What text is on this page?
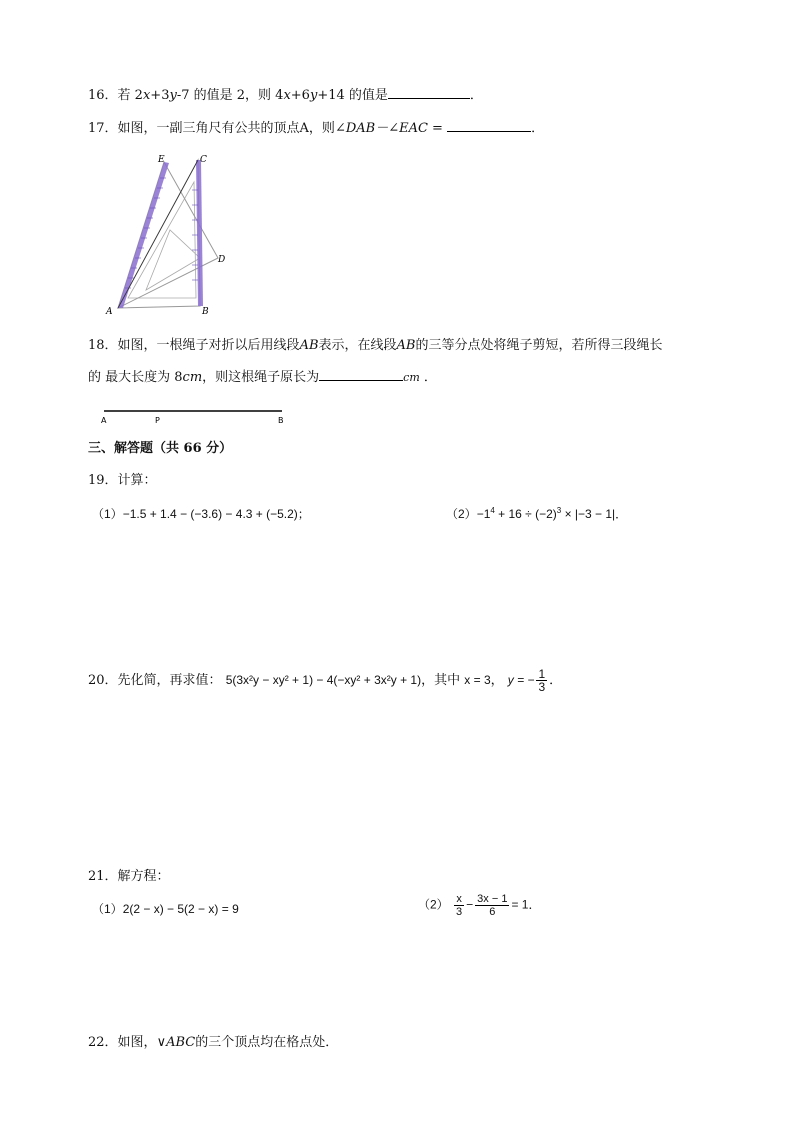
16．若 2x+3y-7 的值是 2，则 4x+6y+14 的值是	．
17．如图，一副三角尺有公共的顶点A，则∠DAB－∠EAC =	．
E	C
D
A	B
18．如图，一根绳子对折以后用线段AB表示，在线段AB的三等分点处将绳子剪短，若所得三段绳长
的 最大长度为 8cm，则这根绳子原长为	cm ．
A	P	B
三、解答题（共 66 分）
19．计算：
（1）−1.5 + 1.4 − (−3.6) − 4.3 + (−5.2)；	$(2)-1^4 + 16 \div (-2)^3 \times |-3 - 1|$．
20．先化简，再求值： 5(3x²y − xy² + 1) − 4(−xy² + 3x²y + 1)，其中 x = 3， y = − $\frac{1}{3}$ ．
21．解方程：
（1）2(2 − x) − 5(2 − x) = 9	$(2) \frac{x}{3} - \frac{3x - 1}{6} = 1$．
22．如图，∨ABC的三个顶点均在格点处．
